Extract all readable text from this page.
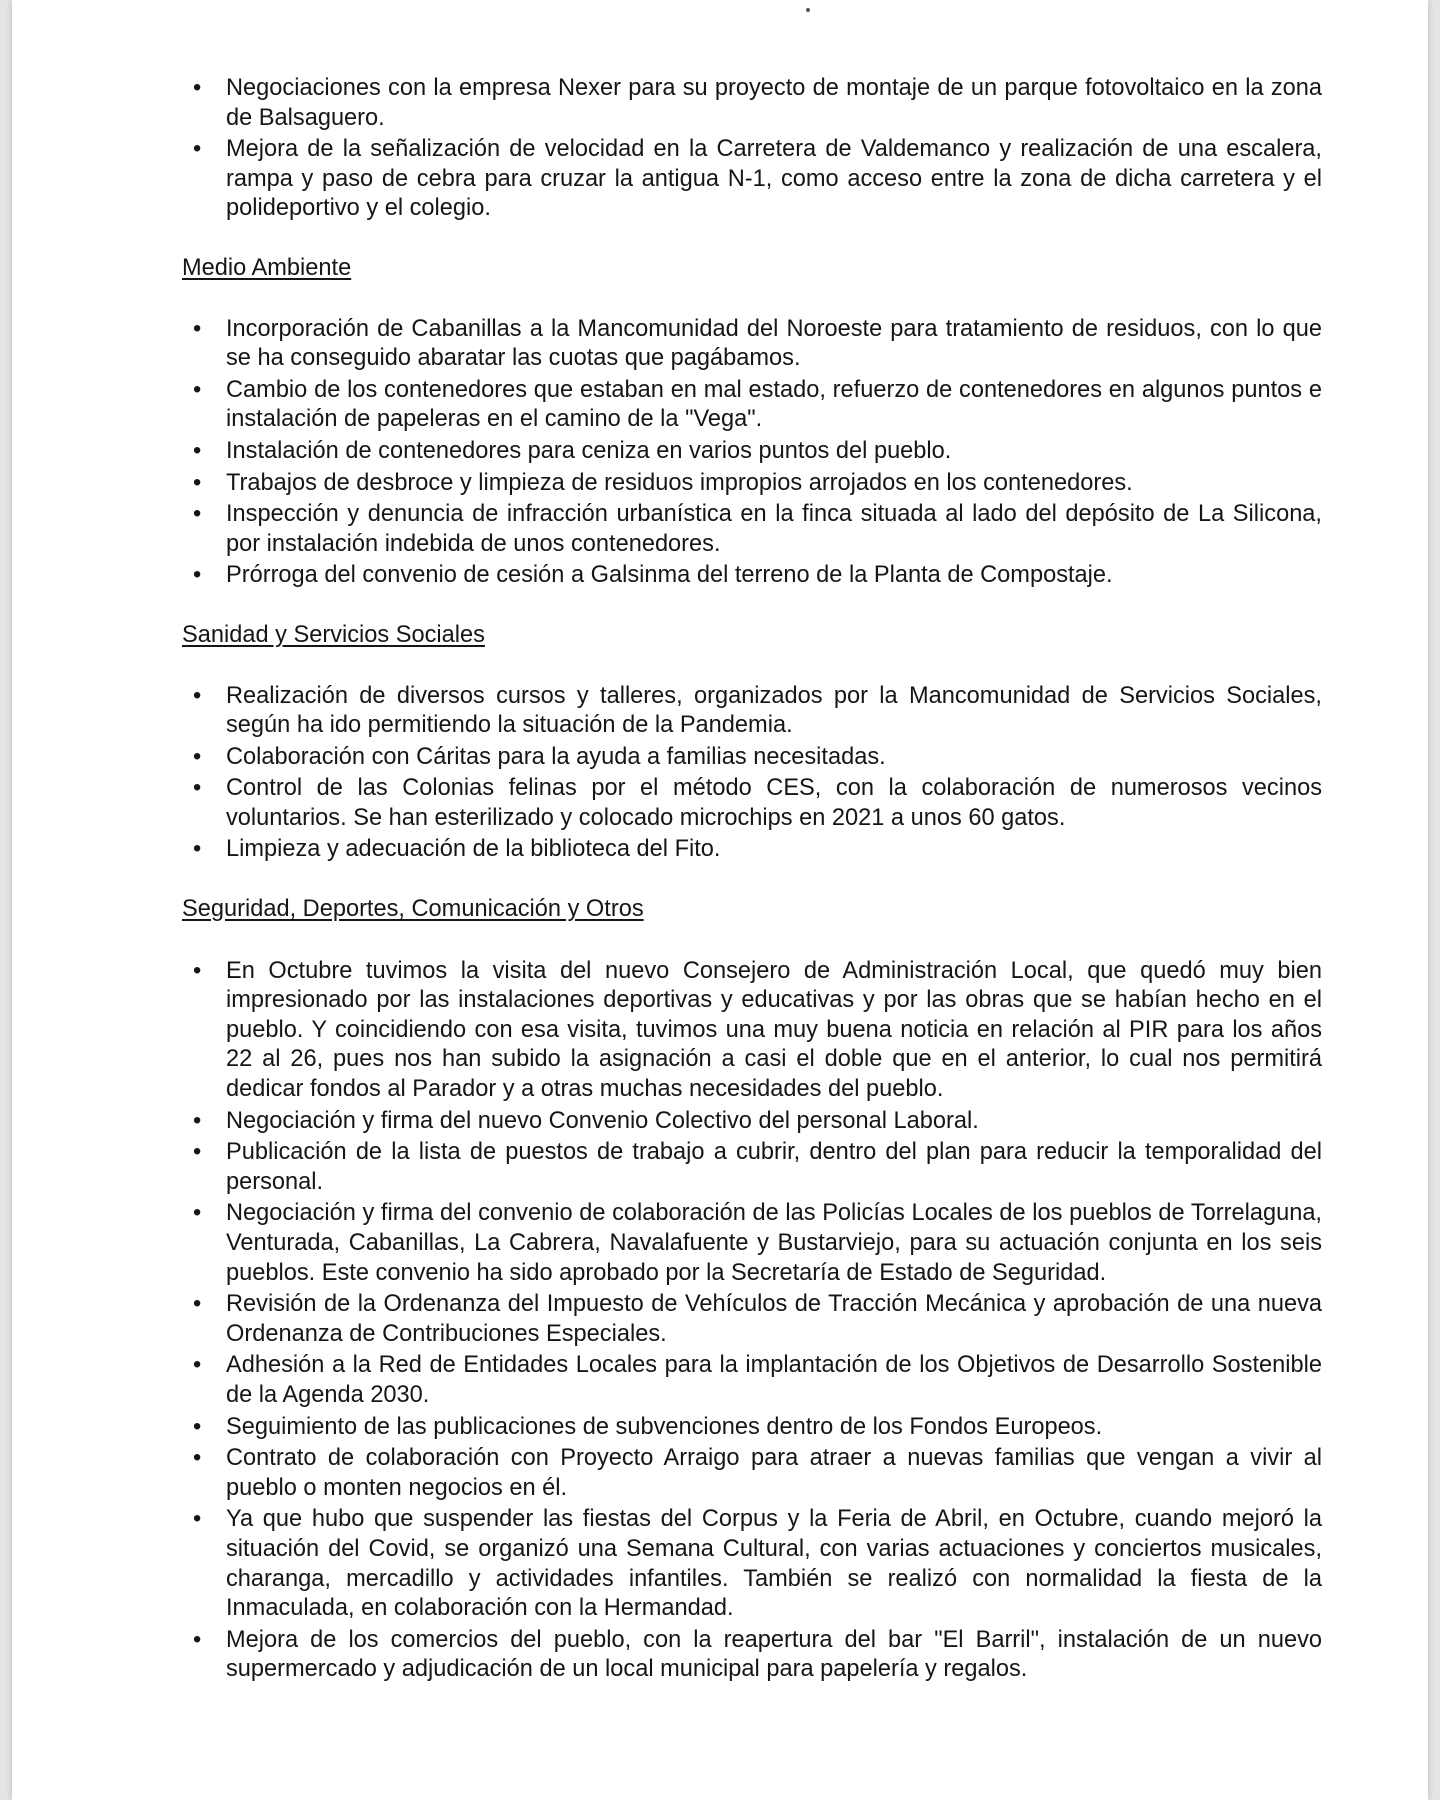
• Negociaciones con la empresa Nexer para su proyecto de montaje de un parque fotovoltaico en la zona de Balsaguero.
• Mejora de la señalización de velocidad en la Carretera de Valdemanco y realización de una escalera, rampa y paso de cebra para cruzar la antigua N-1, como acceso entre la zona de dicha carretera y el polideportivo y el colegio.
Medio Ambiente
• Incorporación de Cabanillas a la Mancomunidad del Noroeste para tratamiento de residuos, con lo que se ha conseguido abaratar las cuotas que pagábamos.
• Cambio de los contenedores que estaban en mal estado, refuerzo de contenedores en algunos puntos e instalación de papeleras en el camino de la "Vega".
• Instalación de contenedores para ceniza en varios puntos del pueblo.
• Trabajos de desbroce y limpieza de residuos impropios arrojados en los contenedores.
• Inspección y denuncia de infracción urbanística en la finca situada al lado del depósito de La Silicona, por instalación indebida de unos contenedores.
• Prórroga del convenio de cesión a Galsinma del terreno de la Planta de Compostaje.
Sanidad y Servicios Sociales
• Realización de diversos cursos y talleres, organizados por la Mancomunidad de Servicios Sociales, según ha ido permitiendo la situación de la Pandemia.
• Colaboración con Cáritas para la ayuda a familias necesitadas.
• Control de las Colonias felinas por el método CES, con la colaboración de numerosos vecinos voluntarios. Se han esterilizado y colocado microchips en 2021 a unos 60 gatos.
• Limpieza y adecuación de la biblioteca del Fito.
Seguridad, Deportes, Comunicación y Otros
• En Octubre tuvimos la visita del nuevo Consejero de Administración Local, que quedó muy bien impresionado por las instalaciones deportivas y educativas y por las obras que se habían hecho en el pueblo. Y coincidiendo con esa visita, tuvimos una muy buena noticia en relación al PIR para los años 22 al 26, pues nos han subido la asignación a casi el doble que en el anterior, lo cual nos permitirá dedicar fondos al Parador y a otras muchas necesidades del pueblo.
• Negociación y firma del nuevo Convenio Colectivo del personal Laboral.
• Publicación de la lista de puestos de trabajo a cubrir, dentro del plan para reducir la temporalidad del personal.
• Negociación y firma del convenio de colaboración de las Policías Locales de los pueblos de Torrelaguna, Venturada, Cabanillas, La Cabrera, Navalafuente y Bustarviejo, para su actuación conjunta en los seis pueblos. Este convenio ha sido aprobado por la Secretaría de Estado de Seguridad.
• Revisión de la Ordenanza del Impuesto de Vehículos de Tracción Mecánica y aprobación de una nueva Ordenanza de Contribuciones Especiales.
• Adhesión a la Red de Entidades Locales para la implantación de los Objetivos de Desarrollo Sostenible de la Agenda 2030.
• Seguimiento de las publicaciones de subvenciones dentro de los Fondos Europeos.
• Contrato de colaboración con Proyecto Arraigo para atraer a nuevas familias que vengan a vivir al pueblo o monten negocios en él.
• Ya que hubo que suspender las fiestas del Corpus y la Feria de Abril, en Octubre, cuando mejoró la situación del Covid, se organizó una Semana Cultural, con varias actuaciones y conciertos musicales, charanga, mercadillo y actividades infantiles. También se realizó con normalidad la fiesta de la Inmaculada, en colaboración con la Hermandad.
• Mejora de los comercios del pueblo, con la reapertura del bar "El Barril", instalación de un nuevo supermercado y adjudicación de un local municipal para papelería y regalos.
